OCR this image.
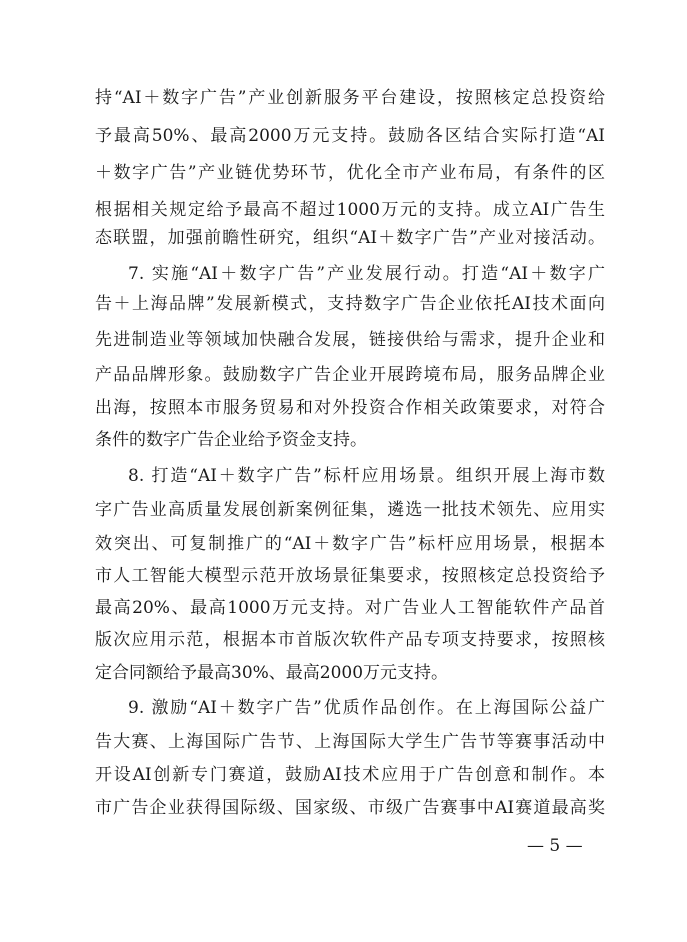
持“AI＋数字广告”产业创新服务平台建设，按照核定总投资给
予最高50%、最高2000万元支持。鼓励各区结合实际打造“AI
＋数字广告”产业链优势环节，优化全市产业布局，有条件的区
根据相关规定给予最高不超过1000万元的支持。成立AI广告生
态联盟，加强前瞻性研究，组织“AI＋数字广告”产业对接活动。
7. 实施“AI＋数字广告”产业发展行动。打造“AI＋数字广
告＋上海品牌”发展新模式，支持数字广告企业依托AI技术面向
先进制造业等领域加快融合发展，链接供给与需求，提升企业和
产品品牌形象。鼓励数字广告企业开展跨境布局，服务品牌企业
出海，按照本市服务贸易和对外投资合作相关政策要求，对符合
条件的数字广告企业给予资金支持。
8. 打造“AI＋数字广告”标杆应用场景。组织开展上海市数
字广告业高质量发展创新案例征集，遴选一批技术领先、应用实
效突出、可复制推广的“AI＋数字广告”标杆应用场景，根据本
市人工智能大模型示范开放场景征集要求，按照核定总投资给予
最高20%、最高1000万元支持。对广告业人工智能软件产品首
版次应用示范，根据本市首版次软件产品专项支持要求，按照核
定合同额给予最高30%、最高2000万元支持。
9. 激励“AI＋数字广告”优质作品创作。在上海国际公益广
告大赛、上海国际广告节、上海国际大学生广告节等赛事活动中
开设AI创新专门赛道，鼓励AI技术应用于广告创意和制作。本
市广告企业获得国际级、国家级、市级广告赛事中AI赛道最高奖
— 5 —
